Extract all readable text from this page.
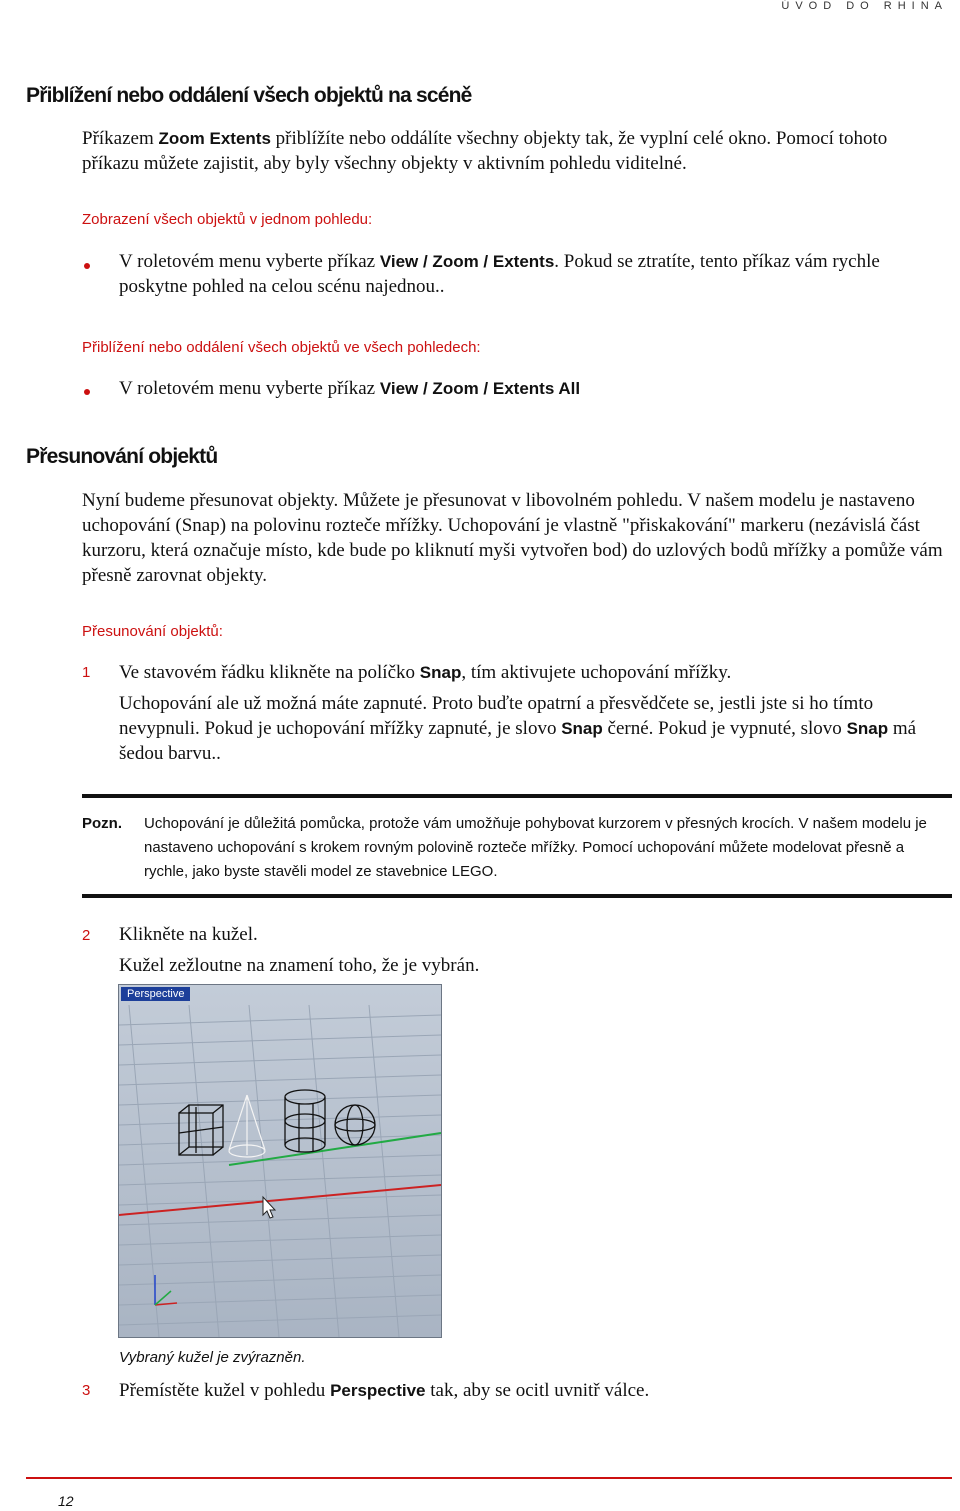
ÚVOD DO RHINA
Přiblížení nebo oddálení všech objektů na scéně
Příkazem Zoom Extents přiblížíte nebo oddálíte všechny objekty tak, že vyplní celé okno. Pomocí tohoto příkazu můžete zajistit, aby byly všechny objekty v aktivním pohledu viditelné.
Zobrazení všech objektů v jednom pohledu:
V roletovém menu vyberte příkaz View / Zoom / Extents. Pokud se ztratíte, tento příkaz vám rychle poskytne pohled na celou scénu najednou..
Přiblížení nebo oddálení všech objektů ve všech pohledech:
V roletovém menu vyberte příkaz View / Zoom / Extents All
Přesunování objektů
Nyní budeme přesunovat objekty. Můžete je přesunovat v libovolném pohledu. V našem modelu je nastaveno uchopování (Snap) na polovinu rozteče mřížky. Uchopování je vlastně "přiskakování" markeru (nezávislá část kurzoru, která označuje místo, kde bude po kliknutí myši vytvořen bod) do uzlových bodů mřížky a pomůže vám přesně zarovnat objekty.
Přesunování objektů:
1 Ve stavovém řádku klikněte na políčko Snap, tím aktivujete uchopování mřížky.
Uchopování ale už možná máte zapnuté. Proto buďte opatrní a přesvědčete se, jestli jste si ho tímto nevypnuli. Pokud je uchopování mřížky zapnuté, je slovo Snap černé. Pokud je vypnuté, slovo Snap má šedou barvu..
Pozn. Uchopování je důležitá pomůcka, protože vám umožňuje pohybovat kurzorem v přesných krocích. V našem modelu je nastaveno uchopování s krokem rovným polovině rozteče mřížky. Pomocí uchopování můžete modelovat přesně a rychle, jako byste stavěli model ze stavebnice LEGO.
2 Klikněte na kužel.
Kužel zežloutne na znamení toho, že je vybrán.
Perspective
Vybraný kužel je zvýrazněn.
3 Přemístěte kužel v pohledu Perspective tak, aby se ocitl uvnitř válce.
12
